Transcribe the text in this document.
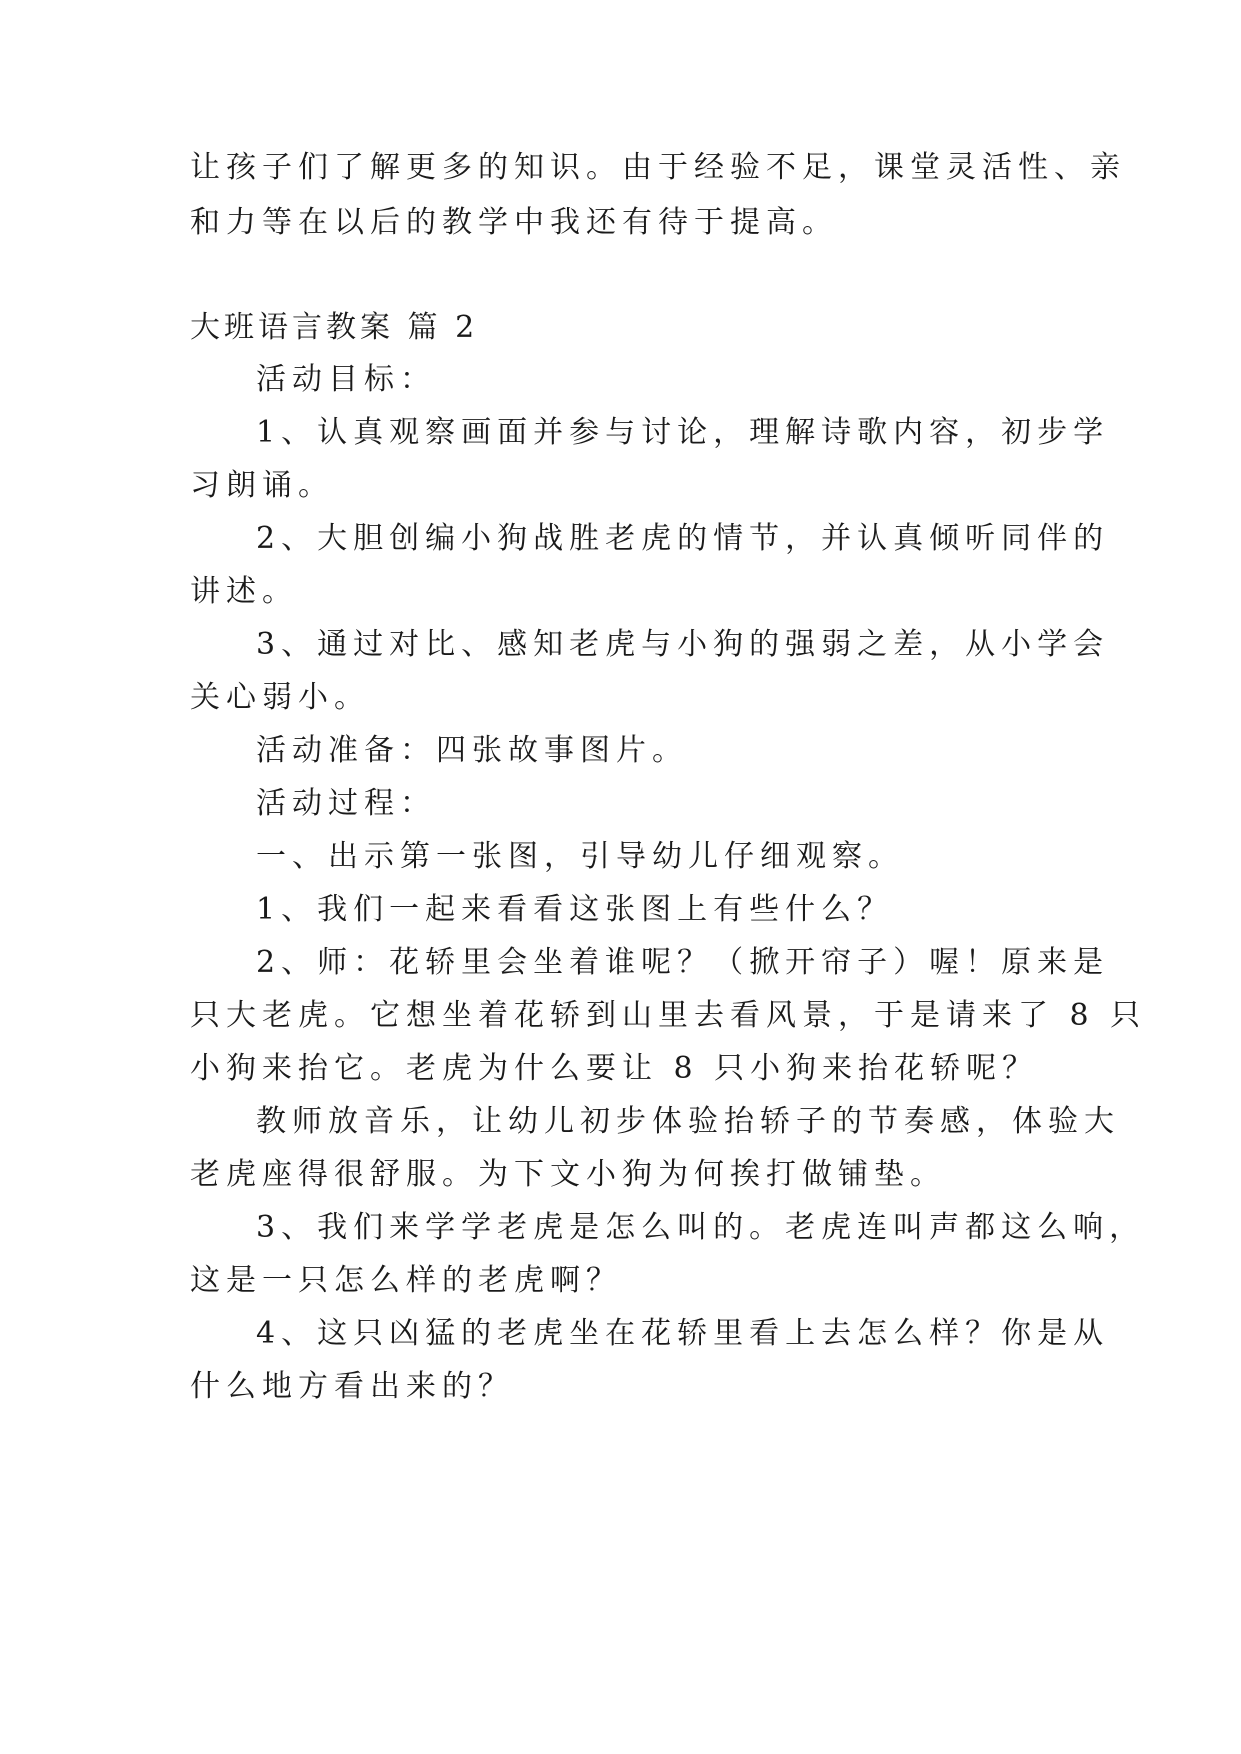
让孩子们了解更多的知识。由于经验不足，课堂灵活性、亲
和力等在以后的教学中我还有待于提高。
大班语言教案 篇 2
活动目标：
1、认真观察画面并参与讨论，理解诗歌内容，初步学
习朗诵。
2、大胆创编小狗战胜老虎的情节，并认真倾听同伴的
讲述。
3、通过对比、感知老虎与小狗的强弱之差，从小学会
关心弱小。
活动准备：四张故事图片。
活动过程：
一、出示第一张图，引导幼儿仔细观察。
1、我们一起来看看这张图上有些什么？
2、师：花轿里会坐着谁呢？（掀开帘子）喔！原来是
只大老虎。它想坐着花轿到山里去看风景，于是请来了 8 只
小狗来抬它。老虎为什么要让 8 只小狗来抬花轿呢？
教师放音乐，让幼儿初步体验抬轿子的节奏感，体验大
老虎座得很舒服。为下文小狗为何挨打做铺垫。
3、我们来学学老虎是怎么叫的。老虎连叫声都这么响，
这是一只怎么样的老虎啊？
4、这只凶猛的老虎坐在花轿里看上去怎么样？你是从
什么地方看出来的？
